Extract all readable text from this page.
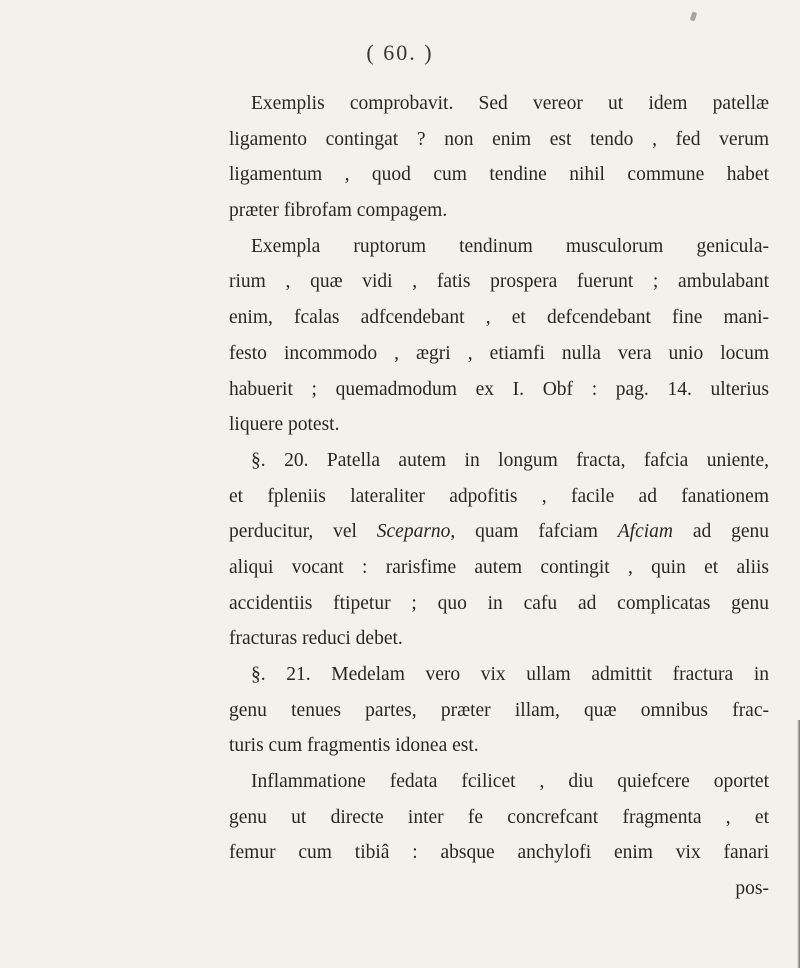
( 60. )
Exemplis comprobavit. Sed vereor ut idem patellæ
ligamento contingat ? non enim est tendo , fed verum
ligamentum , quod cum tendine nihil commune habet
præter fibrofam compagem.
Exempla ruptorum tendinum musculorum genicula-
rium , quæ vidi , fatis prospera fuerunt ; ambulabant
enim, fcalas adfcendebant , et defcendebant fine mani-
festo incommodo , ægri , etiamfi nulla vera unio locum
habuerit ; quemadmodum ex I. Obf : pag. 14. ulterius
liquere potest.
§. 20. Patella autem in longum fracta, fafcia uniente,
et fpleniis lateraliter adpofitis , facile ad fanationem
perducitur, vel Sceparno, quam fafciam Afciam ad genu
aliqui vocant : rarisfime autem contingit , quin et aliis
accidentiis ftipetur ; quo in cafu ad complicatas genu
fracturas reduci debet.
§. 21. Medelam vero vix ullam admittit fractura in
genu tenues partes, præter illam, quæ omnibus frac-
turis cum fragmentis idonea est.
Inflammatione fedata fcilicet , diu quiefcere oportet
genu ut directe inter fe concrefcant fragmenta , et
femur cum tibiâ : absque anchylofi enim vix fanari
pos-
